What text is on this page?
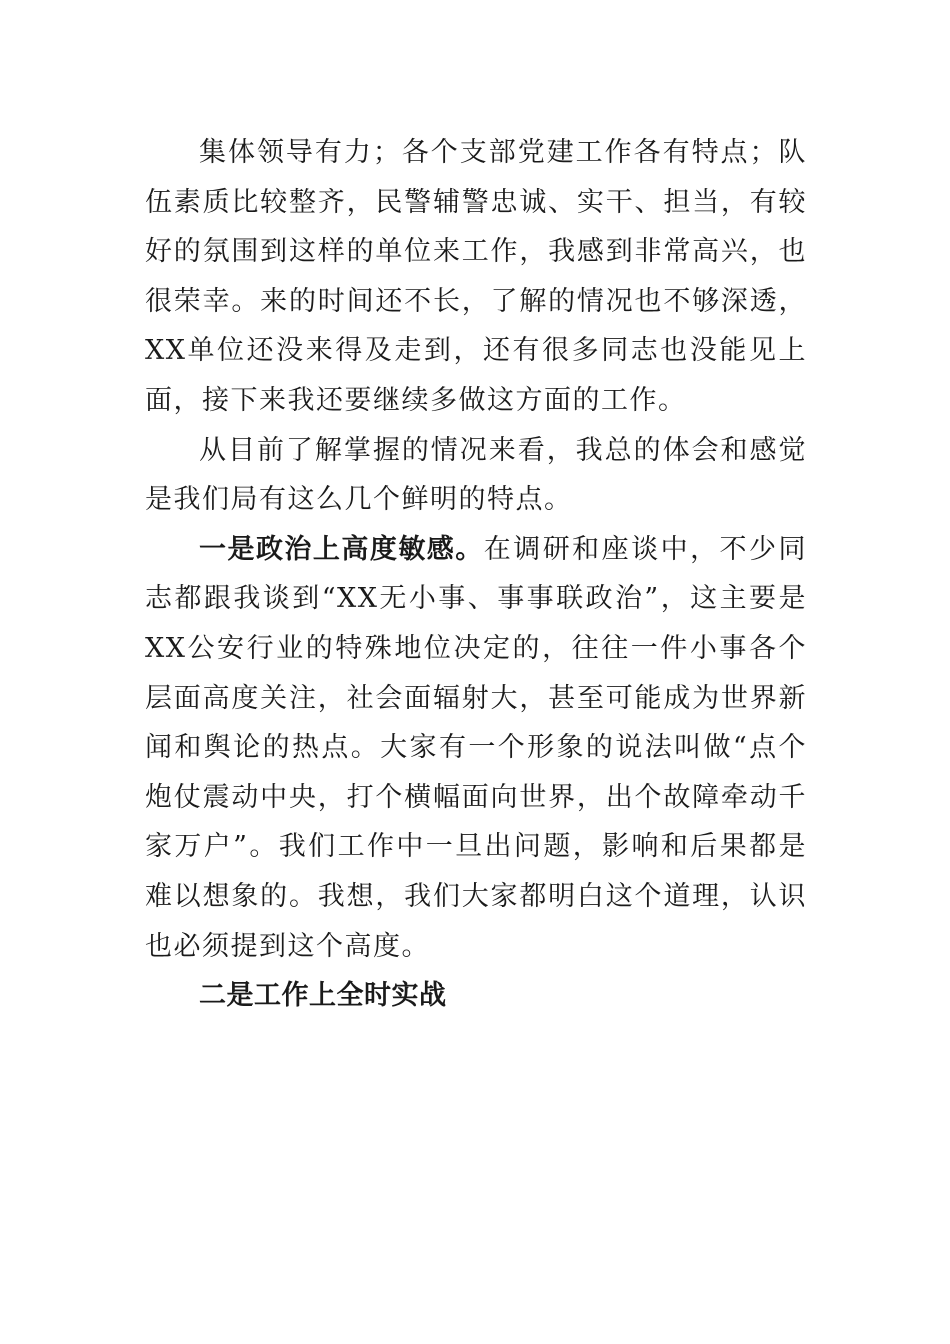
集体领导有力；各个支部党建工作各有特点；队伍素质比较整齐，民警辅警忠诚、实干、担当，有较好的氛围到这样的单位来工作，我感到非常高兴，也很荣幸。来的时间还不长，了解的情况也不够深透，XX单位还没来得及走到，还有很多同志也没能见上面，接下来我还要继续多做这方面的工作。

从目前了解掌握的情况来看，我总的体会和感觉是我们局有这么几个鲜明的特点。

一是政治上高度敏感。在调研和座谈中，不少同志都跟我谈到“XX无小事、事事联政治”，这主要是XX公安行业的特殊地位决定的，往往一件小事各个层面高度关注，社会面辐射大，甚至可能成为世界新闻和舆论的热点。大家有一个形象的说法叫做“点个炮仗震动中央，打个横幅面向世界，出个故障牵动千家万户”。我们工作中一旦出问题，影响和后果都是难以想象的。我想，我们大家都明白这个道理，认识也必须提到这个高度。

二是工作上全时实战
